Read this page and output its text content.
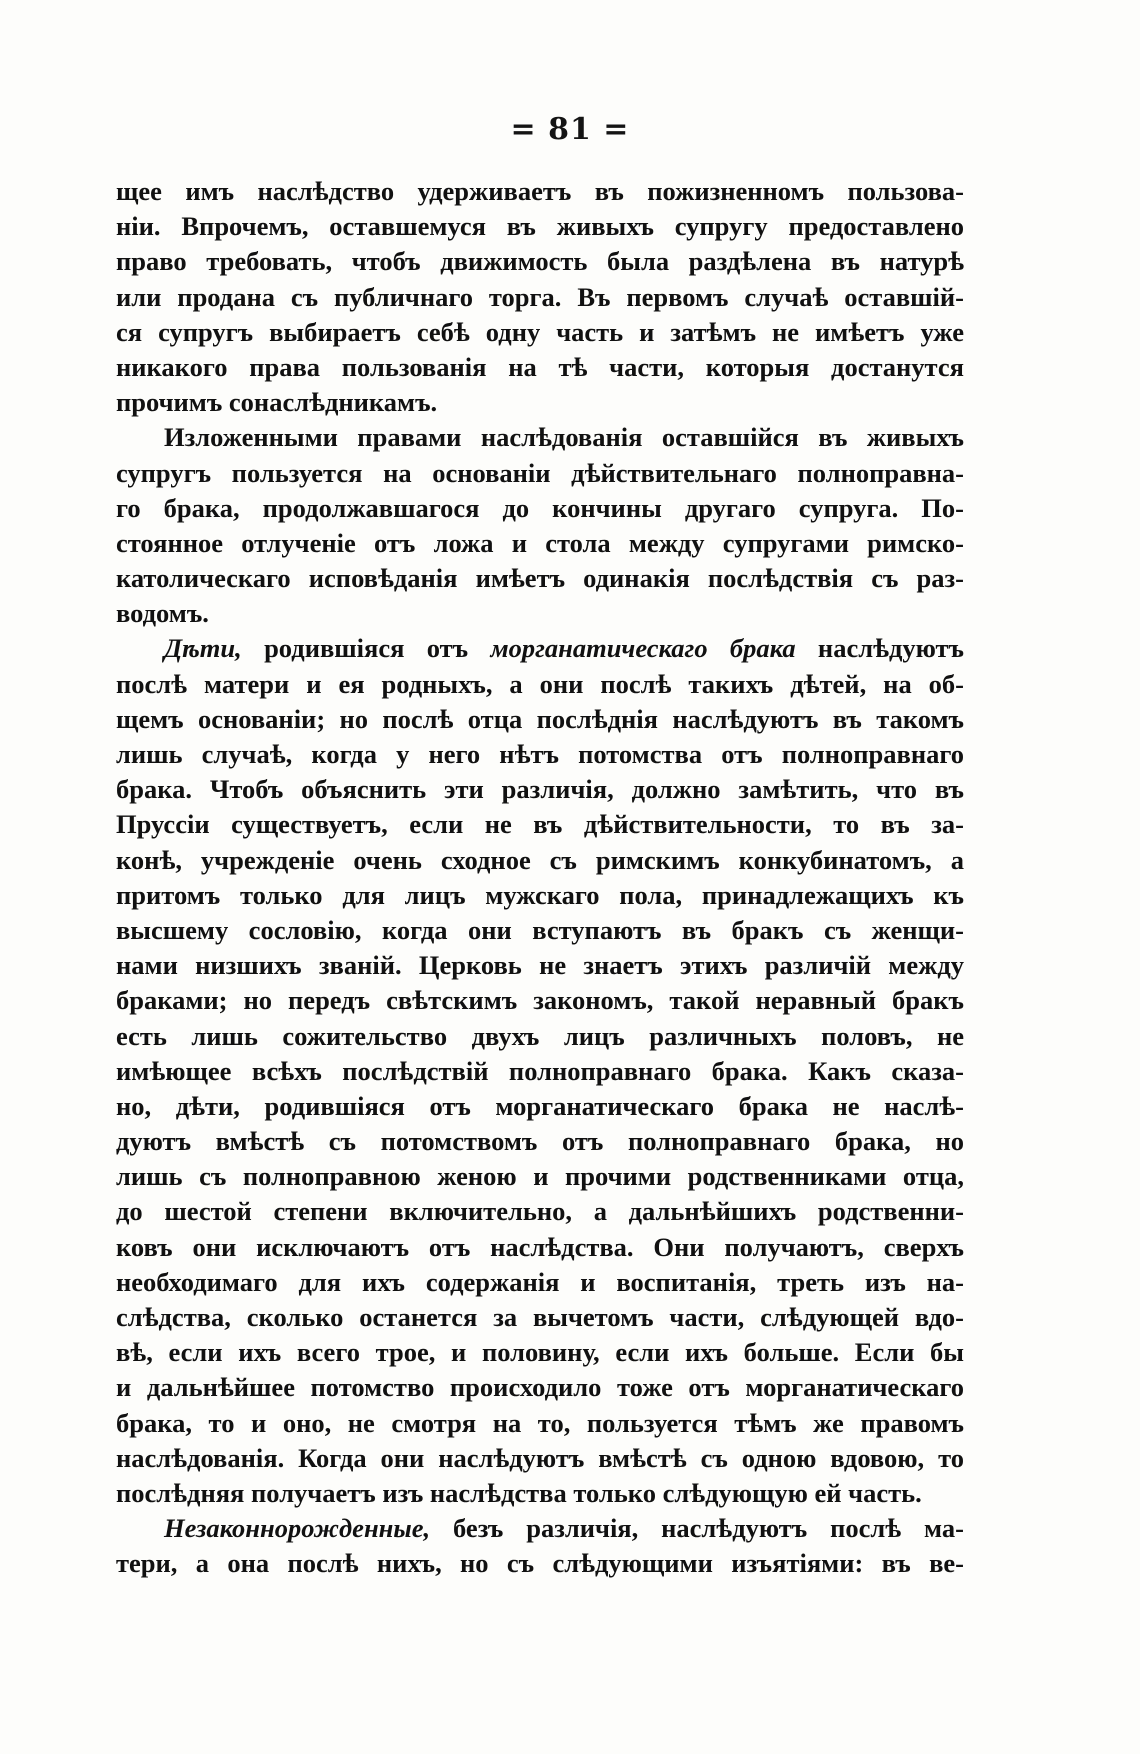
= 81 =
щее имъ наслѣдство удерживаетъ въ пожизненномъ пользова-
нiи. Впрочемъ, оставшемуся въ живыхъ супругу предоставлено
право требовать, чтобъ движимость была раздѣлена въ натурѣ
или продана съ публичнаго торга. Въ первомъ случаѣ оставшiй-
ся супругъ выбираетъ себѣ одну часть и затѣмъ не имѣетъ уже
никакого права пользованiя на тѣ части, которыя достанутся
прочимъ сонаслѣдникамъ.
Изложенными правами наслѣдованiя оставшiйся въ живыхъ
супругъ пользуется на основанiи дѣйствительнаго полноправна-
го брака, продолжавшагося до кончины другаго супруга. По-
стоянное отлученiе отъ ложа и стола между супругами римско-
католическаго исповѣданiя имѣетъ одинакiя послѣдствiя съ раз-
водомъ.
Дѣти, родившiяся отъ морганатическаго брака наслѣдуютъ
послѣ матери и ея родныхъ, а они послѣ такихъ дѣтей, на об-
щемъ основанiи; но послѣ отца послѣднiя наслѣдуютъ въ такомъ
лишь случаѣ, когда у него нѣтъ потомства отъ полноправнаго
брака. Чтобъ объяснить эти различiя, должно замѣтить, что въ
Пруссiи существуетъ, если не въ дѣйствительности, то въ за-
конѣ, учрежденiе очень сходное съ римскимъ конкубинатомъ, а
притомъ только для лицъ мужскаго пола, принадлежащихъ къ
высшему сословiю, когда они вступаютъ въ бракъ съ женщи-
нами низшихъ званiй. Церковь не знаетъ этихъ различiй между
браками; но передъ свѣтскимъ закономъ, такой неравный бракъ
есть лишь сожительство двухъ лицъ различныхъ половъ, не
имѣющее всѣхъ послѣдствiй полноправнаго брака. Какъ сказа-
но, дѣти, родившiяся отъ морганатическаго брака не наслѣ-
дуютъ вмѣстѣ съ потомствомъ отъ полноправнаго брака, но
лишь съ полноправною женою и прочими родственниками отца,
до шестой степени включительно, а дальнѣйшихъ родственни-
ковъ они исключаютъ отъ наслѣдства. Они получаютъ, сверхъ
необходимаго для ихъ содержанiя и воспитанiя, треть изъ на-
слѣдства, сколько останется за вычетомъ части, слѣдующей вдо-
вѣ, если ихъ всего трое, и половину, если ихъ больше. Если бы
и дальнѣйшее потомство происходило тоже отъ морганатическаго
брака, то и оно, не смотря на то, пользуется тѣмъ же правомъ
наслѣдованiя. Когда они наслѣдуютъ вмѣстѣ съ одною вдовою, то
послѣдняя получаетъ изъ наслѣдства только слѣдующую ей часть.
Незаконнорожденные, безъ различiя, наслѣдуютъ послѣ ма-
тери, а она послѣ нихъ, но съ слѣдующими изъятiями: въ ве-
